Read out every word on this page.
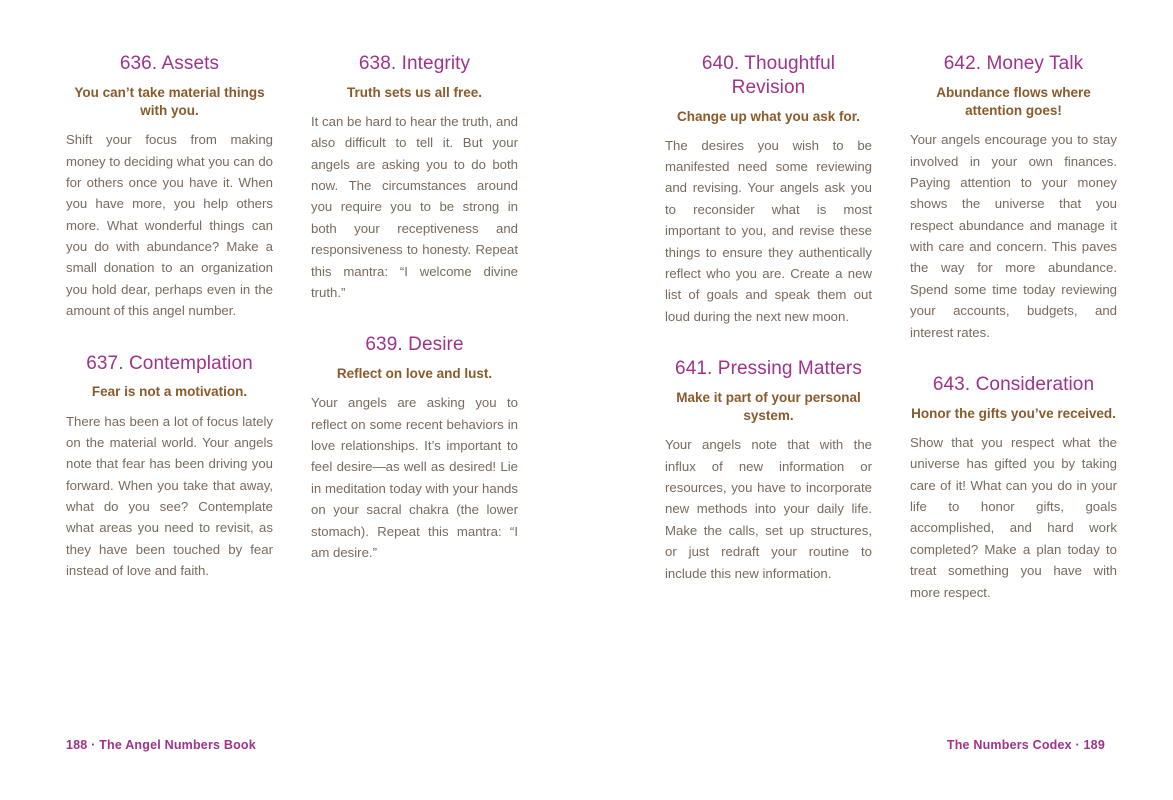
636. Assets
You can’t take material things with you.

Shift your focus from making money to deciding what you can do for others once you have it. When you have more, you help others more. What wonderful things can you do with abundance? Make a small donation to an organization you hold dear, perhaps even in the amount of this angel number.

637. Contemplation
Fear is not a motivation.

There has been a lot of focus lately on the material world. Your angels note that fear has been driving you forward. When you take that away, what do you see? Contemplate what areas you need to revisit, as they have been touched by fear instead of love and faith.

638. Integrity
Truth sets us all free.

It can be hard to hear the truth, and also difficult to tell it. But your angels are asking you to do both now. The circumstances around you require you to be strong in both your receptiveness and responsiveness to honesty. Repeat this mantra: “I welcome divine truth.”

639. Desire
Reflect on love and lust.

Your angels are asking you to reflect on some recent behaviors in love relationships. It’s important to feel desire—as well as desired! Lie in meditation today with your hands on your sacral chakra (the lower stomach). Repeat this mantra: “I am desire.”

188 · The Angel Numbers Book
640. Thoughtful Revision
Change up what you ask for.

The desires you wish to be manifested need some reviewing and revising. Your angels ask you to reconsider what is most important to you, and revise these things to ensure they authentically reflect who you are. Create a new list of goals and speak them out loud during the next new moon.

641. Pressing Matters
Make it part of your personal system.

Your angels note that with the influx of new information or resources, you have to incorporate new methods into your daily life. Make the calls, set up structures, or just redraft your routine to include this new information.

642. Money Talk
Abundance flows where attention goes!

Your angels encourage you to stay involved in your own finances. Paying attention to your money shows the universe that you respect abundance and manage it with care and concern. This paves the way for more abundance. Spend some time today reviewing your accounts, budgets, and interest rates.

643. Consideration
Honor the gifts you’ve received.

Show that you respect what the universe has gifted you by taking care of it! What can you do in your life to honor gifts, goals accomplished, and hard work completed? Make a plan today to treat something you have with more respect.

The Numbers Codex · 189
